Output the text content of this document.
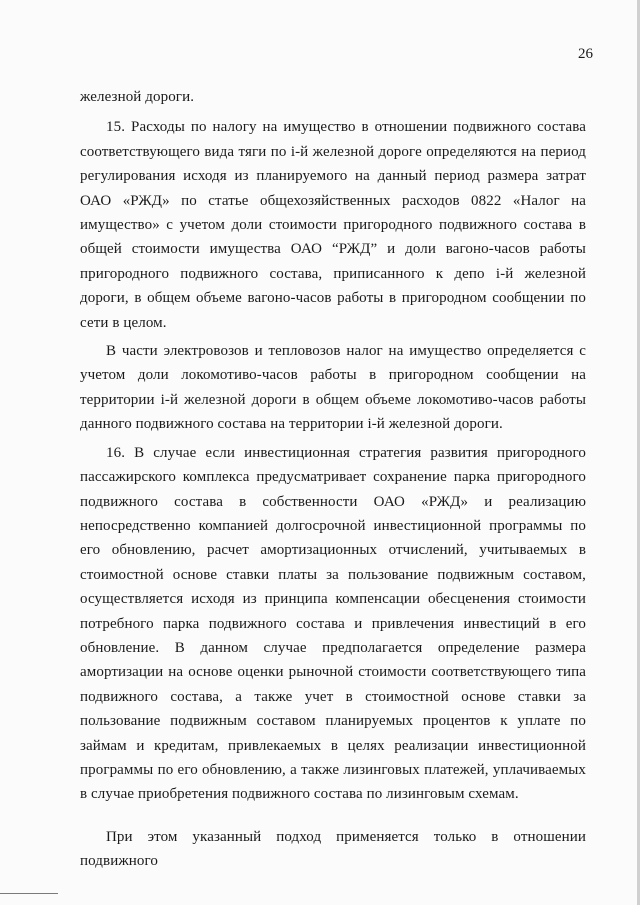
26

железной дороги.

15. Расходы по налогу на имущество в отношении подвижного состава соответствующего вида тяги по i-й железной дороге определяются на период регулирования исходя из планируемого на данный период размера затрат ОАО «РЖД» по статье общехозяйственных расходов 0822 «Налог на имущество» с учетом доли стоимости пригородного подвижного состава в общей стоимости имущества ОАО “РЖД” и доли вагоно-часов работы пригородного подвижного состава, приписанного к депо i-й железной дороги, в общем объеме вагоно-часов работы в пригородном сообщении по сети в целом.

В части электровозов и тепловозов налог на имущество определяется с учетом доли локомотиво-часов работы в пригородном сообщении на территории i-й железной дороги в общем объеме локомотиво-часов работы данного подвижного состава на территории i-й железной дороги.

16. В случае если инвестиционная стратегия развития пригородного пассажирского комплекса предусматривает сохранение парка пригородного подвижного состава в собственности ОАО «РЖД» и реализацию непосредственно компанией долгосрочной инвестиционной программы по его обновлению, расчет амортизационных отчислений, учитываемых в стоимостной основе ставки платы за пользование подвижным составом, осуществляется исходя из принципа компенсации обесценения стоимости потребного парка подвижного состава и привлечения инвестиций в его обновление. В данном случае предполагается определение размера амортизации на основе оценки рыночной стоимости соответствующего типа подвижного состава, а также учет в стоимостной основе ставки за пользование подвижным составом планируемых процентов к уплате по займам и кредитам, привлекаемых в целях реализации инвестиционной программы по его обновлению, а также лизинговых платежей, уплачиваемых в случае приобретения подвижного состава по лизинговым схемам.

При этом указанный подход применяется только в отношении подвижного
